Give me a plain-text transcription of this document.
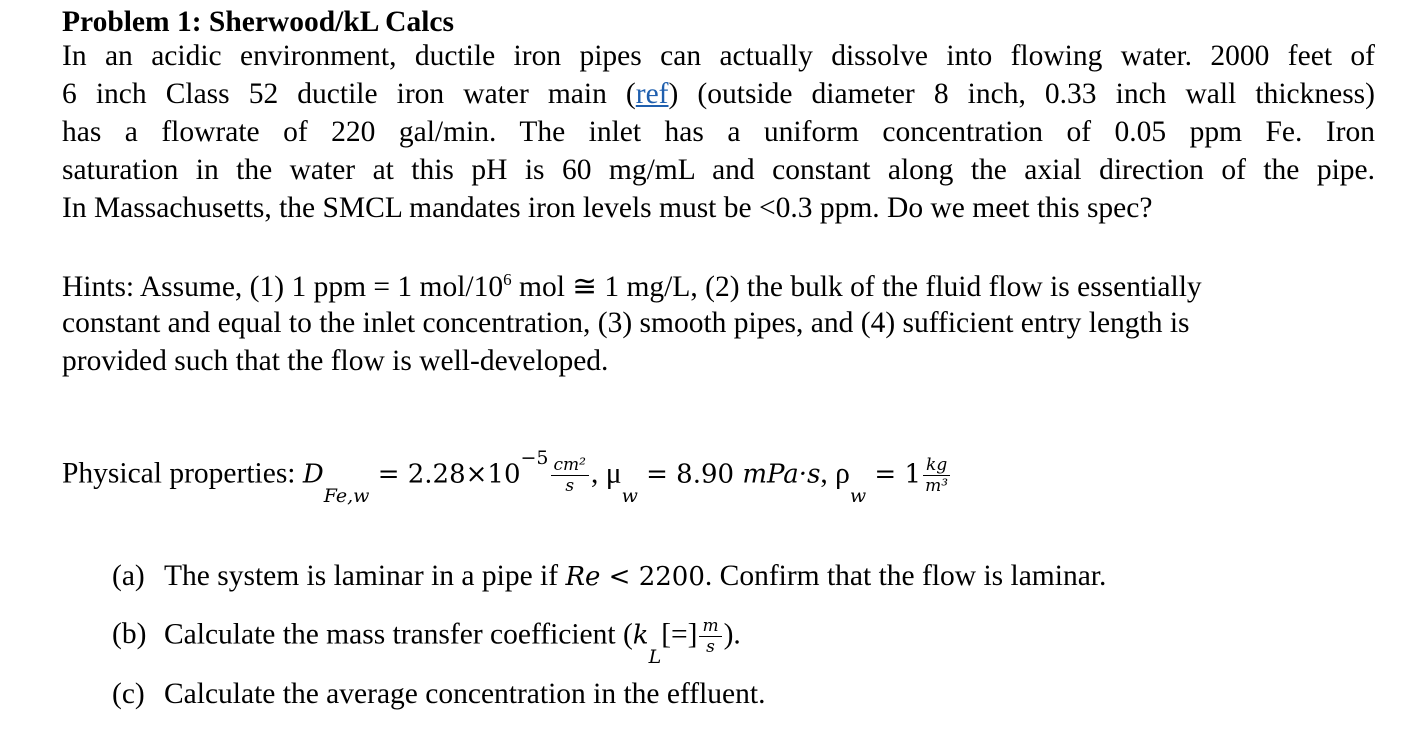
Problem 1: Sherwood/kL Calcs
In an acidic environment, ductile iron pipes can actually dissolve into flowing water. 2000 feet of
6 inch Class 52 ductile iron water main (ref) (outside diameter 8 inch, 0.33 inch wall thickness)
has a flowrate of 220 gal/min. The inlet has a uniform concentration of 0.05 ppm Fe. Iron
saturation in the water at this pH is 60 mg/mL and constant along the axial direction of the pipe.
In Massachusetts, the SMCL mandates iron levels must be <0.3 ppm. Do we meet this spec?
Hints: Assume, (1) 1 ppm = 1 mol/$10^6$ mol ≅ 1 mg/L, (2) the bulk of the fluid flow is essentially
constant and equal to the inlet concentration, (3) smooth pipes, and (4) sufficient entry length is
provided such that the flow is well-developed.
Physical properties: $D_{Fe,w} = 2.28\times 10^{-5} \frac{\text{cm²}}{s}$ , $\mu_w = 8.90$ mPa·s, $\rho_w = 1 \frac{kg}{\text{m³}}$
(a) The system is laminar in a pipe if Re < 2200. Confirm that the flow is laminar.
(b) Calculate the mass transfer coefficient ($k_L[=] \frac{m}{s}$ ).
(c) Calculate the average concentration in the effluent.
